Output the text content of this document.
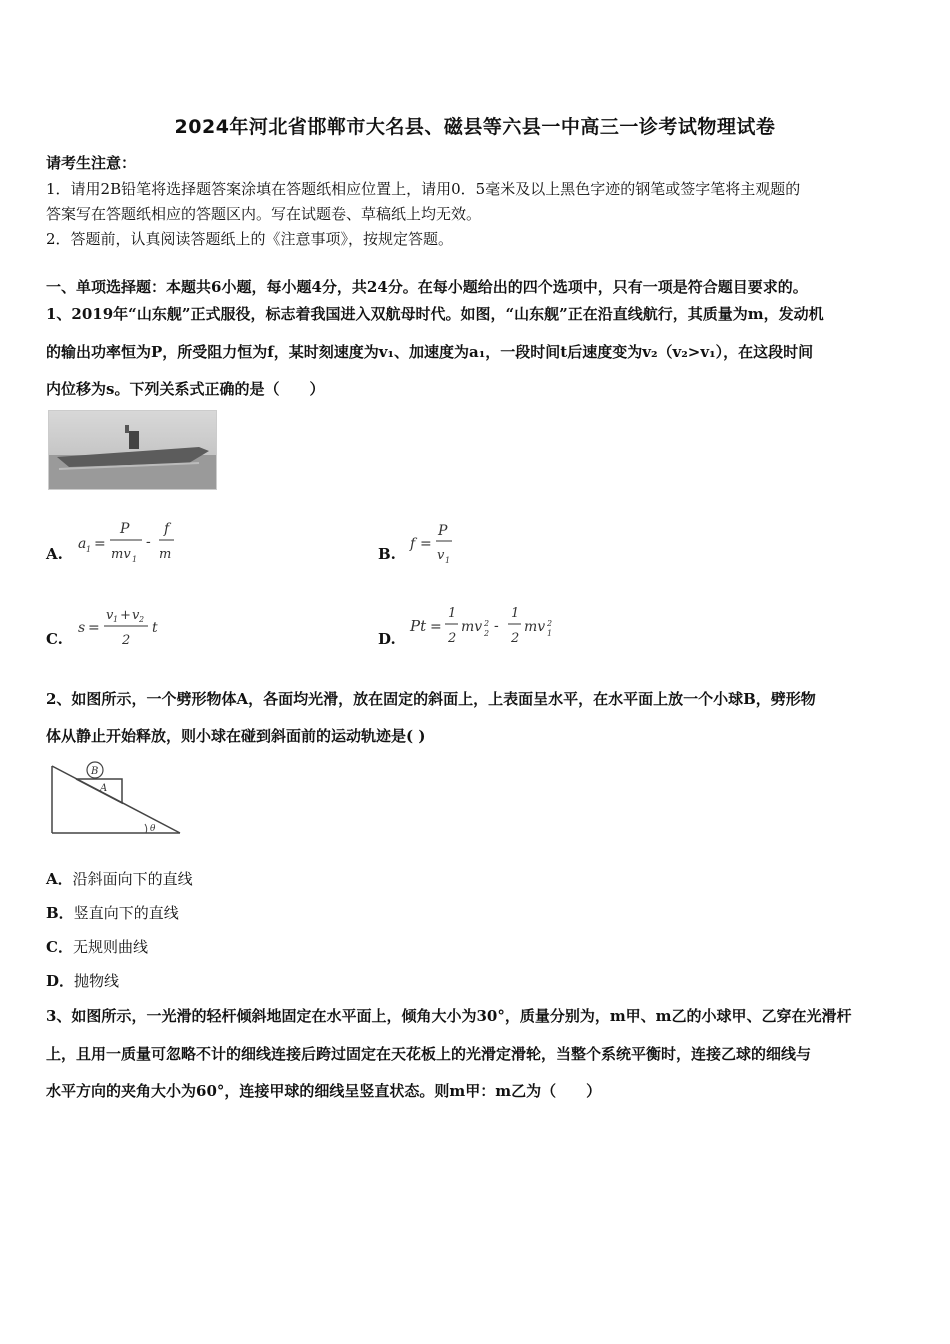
2024年河北省邯郸市大名县、磁县等六县一中高三一诊考试物理试卷
请考生注意：
1．请用2B铅笔将选择题答案涂填在答题纸相应位置上，请用0．5毫米及以上黑色字迹的钢笔或签字笔将主观题的
答案写在答题纸相应的答题区内。写在试题卷、草稿纸上均无效。
2．答题前，认真阅读答题纸上的《注意事项》，按规定答题。
一、单项选择题：本题共6小题，每小题4分，共24分。在每小题给出的四个选项中，只有一项是符合题目要求的。
1、2019年“山东舰”正式服役，标志着我国进入双航母时代。如图，“山东舰”正在沿直线航行，其质量为m，发动机
的输出功率恒为P，所受阻力恒为f，某时刻速度为v₁、加速度为a₁，一段时间t后速度变为v₂（v₂>v₁），在这段时间
内位移为s。下列关系式正确的是（　　）
A.
a 1 =
P
mv 1
-
f
m	B.
f =
P
v 1
C.
s =
v 1 + v 2
2
t
D.
Pt =
1
2
mv 2
2 -
1
2
mv 2
1
2、如图所示，一个劈形物体A，各面均光滑，放在固定的斜面上，上表面呈水平，在水平面上放一个小球B，劈形物
体从静止开始释放，则小球在碰到斜面前的运动轨迹是( )
B
A
θ
A．沿斜面向下的直线
B．竖直向下的直线
C．无规则曲线
D．抛物线
3、如图所示，一光滑的轻杆倾斜地固定在水平面上，倾角大小为30°，质量分别为，m甲、m乙的小球甲、乙穿在光滑杆
上，且用一质量可忽略不计的细线连接后跨过固定在天花板上的光滑定滑轮，当整个系统平衡时，连接乙球的细线与
水平方向的夹角大小为60°，连接甲球的细线呈竖直状态。则m甲：m乙为（　　）
